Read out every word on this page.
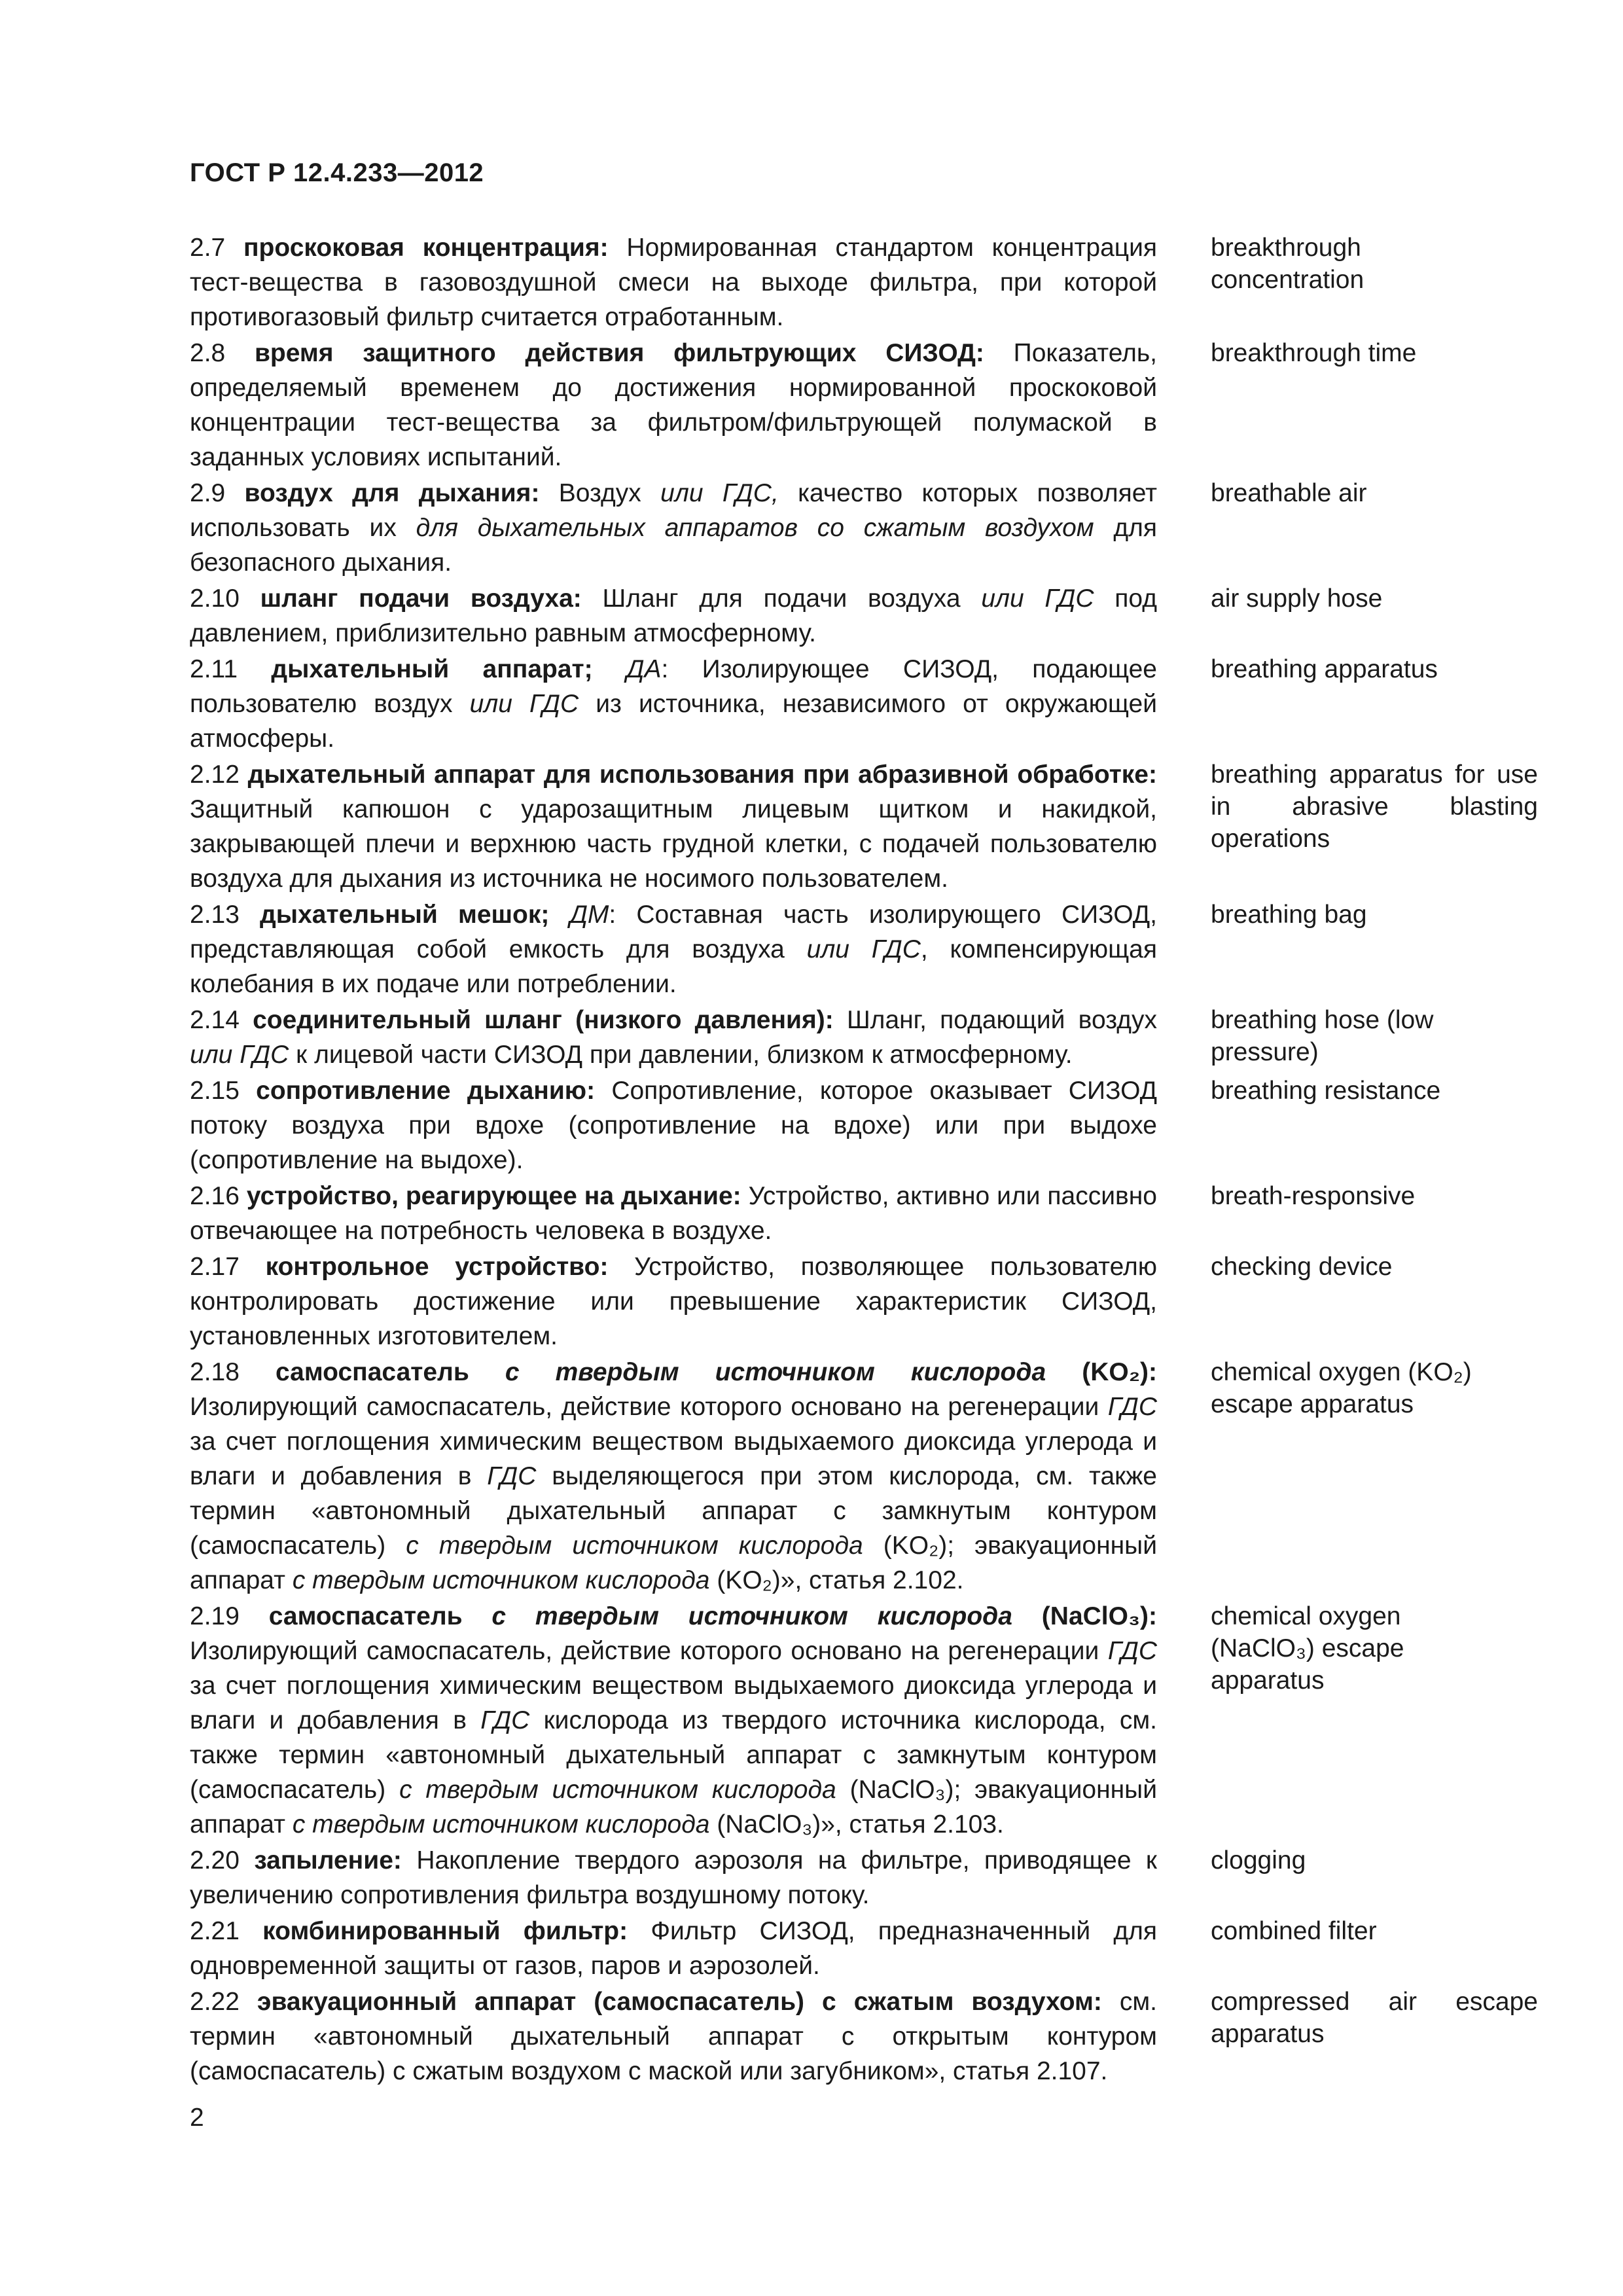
ГОСТ Р 12.4.233—2012
2.7 проскоковая концентрация: Нормированная стандартом концентрация тест-вещества в газовоздушной смеси на выходе фильтра, при которой противогазовый фильтр считается отработанным.
breakthrough
concentration
2.8 время защитного действия фильтрующих СИЗОД: Показатель, определяемый временем до достижения нормированной проскоковой концентрации тест-вещества за фильтром/фильтрующей полумаской в заданных условиях испытаний.
breakthrough time
2.9 воздух для дыхания: Воздух или ГДС, качество которых позволяет использовать их для дыхательных аппаратов со сжатым воздухом для безопасного дыхания.
breathable air
2.10 шланг подачи воздуха: Шланг для подачи воздуха или ГДС под давлением, приблизительно равным атмосферному.
air supply hose
2.11 дыхательный аппарат; ДА: Изолирующее СИЗОД, подающее пользователю воздух или ГДС из источника, независимого от окружающей атмосферы.
breathing apparatus
2.12 дыхательный аппарат для использования при абразивной обработке: Защитный капюшон с ударозащитным лицевым щитком и накидкой, закрывающей плечи и верхнюю часть грудной клетки, с подачей пользователю воздуха для дыхания из источника не носимого пользователем.
breathing apparatus for use in abrasive blasting operations
2.13 дыхательный мешок; ДМ: Составная часть изолирующего СИЗОД, представляющая собой емкость для воздуха или ГДС, компенсирующая колебания в их подаче или потреблении.
breathing bag
2.14 соединительный шланг (низкого давления): Шланг, подающий воздух или ГДС к лицевой части СИЗОД при давлении, близком к атмосферному.
breathing hose (low pressure)
2.15 сопротивление дыханию: Сопротивление, которое оказывает СИЗОД потоку воздуха при вдохе (сопротивление на вдохе) или при выдохе (сопротивление на выдохе).
breathing resistance
2.16 устройство, реагирующее на дыхание: Устройство, активно или пассивно отвечающее на потребность человека в воздухе.
breath-responsive
2.17 контрольное устройство: Устройство, позволяющее пользователю контролировать достижение или превышение характеристик СИЗОД, установленных изготовителем.
checking device
2.18 самоспасатель с твердым источником кислорода (KO₂): Изолирующий самоспасатель, действие которого основано на регенерации ГДС за счет поглощения химическим веществом выдыхаемого диоксида углерода и влаги и добавления в ГДС выделяющегося при этом кислорода, см. также термин «автономный дыхательный аппарат с замкнутым контуром (самоспасатель) с твердым источником кислорода (KO₂); эвакуационный аппарат с твердым источником кислорода (KO₂)», статья 2.102.
chemical oxygen (KO₂)
escape apparatus
2.19 самоспасатель с твердым источником кислорода (NaClO₃): Изолирующий самоспасатель, действие которого основано на регенерации ГДС за счет поглощения химическим веществом выдыхаемого диоксида углерода и влаги и добавления в ГДС кислорода из твердого источника кислорода, см. также термин «автономный дыхательный аппарат с замкнутым контуром (самоспасатель) с твердым источником кислорода (NaClO₃); эвакуационный аппарат с твердым источником кислорода (NaClO₃)», статья 2.103.
chemical oxygen
(NaClO₃) escape
apparatus
2.20 запыление: Накопление твердого аэрозоля на фильтре, приводящее к увеличению сопротивления фильтра воздушному потоку.
clogging
2.21 комбинированный фильтр: Фильтр СИЗОД, предназначенный для одновременной защиты от газов, паров и аэрозолей.
combined filter
2.22 эвакуационный аппарат (самоспасатель) с сжатым воздухом: см. термин «автономный дыхательный аппарат с открытым контуром (самоспасатель) с сжатым воздухом с маской или загубником», статья 2.107.
compressed air escape apparatus
2
